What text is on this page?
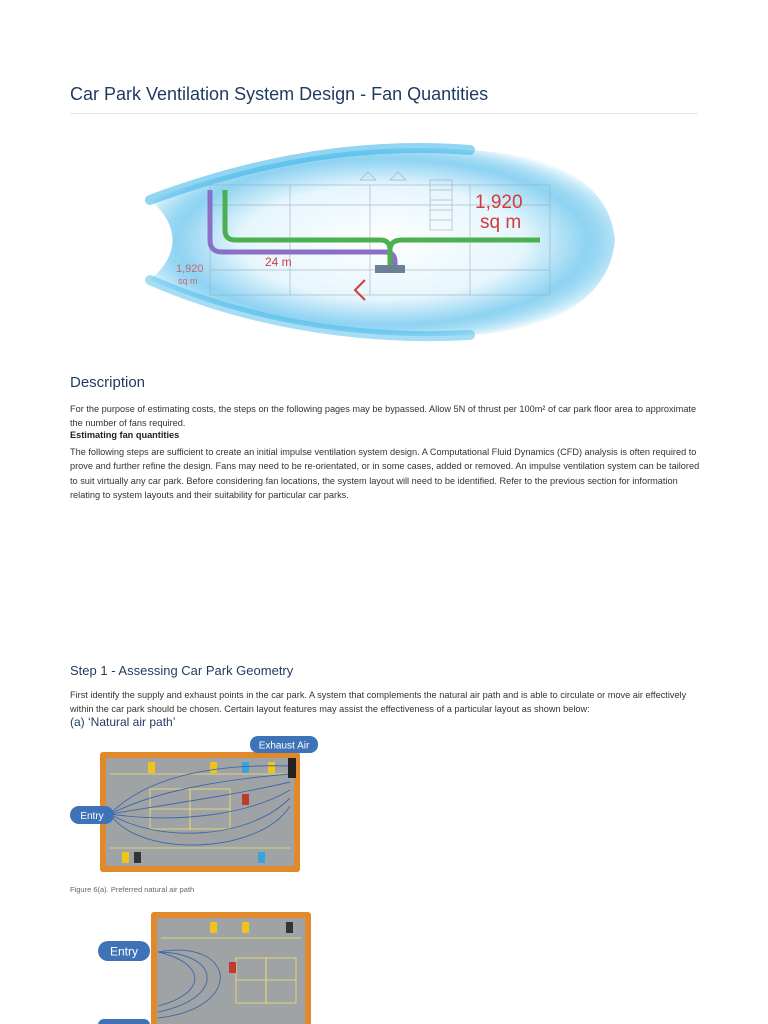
Car Park Ventilation System Design - Fan Quantities
1,920
sq m
1,920
sq m
24 m
Description

For the purpose of estimating costs, the steps on the following pages may be bypassed. Allow 5N of thrust per 100m² of car park floor area to approximate the number of fans required.

Estimating fan quantities

The following steps are sufficient to create an initial impulse ventilation system design. A Computational Fluid Dynamics (CFD) analysis is often required to prove and further refine the design. Fans may need to be re-orientated, or in some cases, added or removed. An impulse ventilation system can be tailored to suit virtually any car park. Before considering fan locations, the system layout will need to be identified. Refer to the previous section for information relating to system layouts and their suitability for particular car parks.

Step 1 - Assessing Car Park Geometry

First identify the supply and exhaust points in the car park. A system that complements the natural air path and is able to circulate or move air effectively within the car park should be chosen. Certain layout features may assist the effectiveness of a particular layout as shown below:

(a) ‘Natural air path’
Exhaust Air
Entry

Figure 6(a). Preferred natural air path

Entry
